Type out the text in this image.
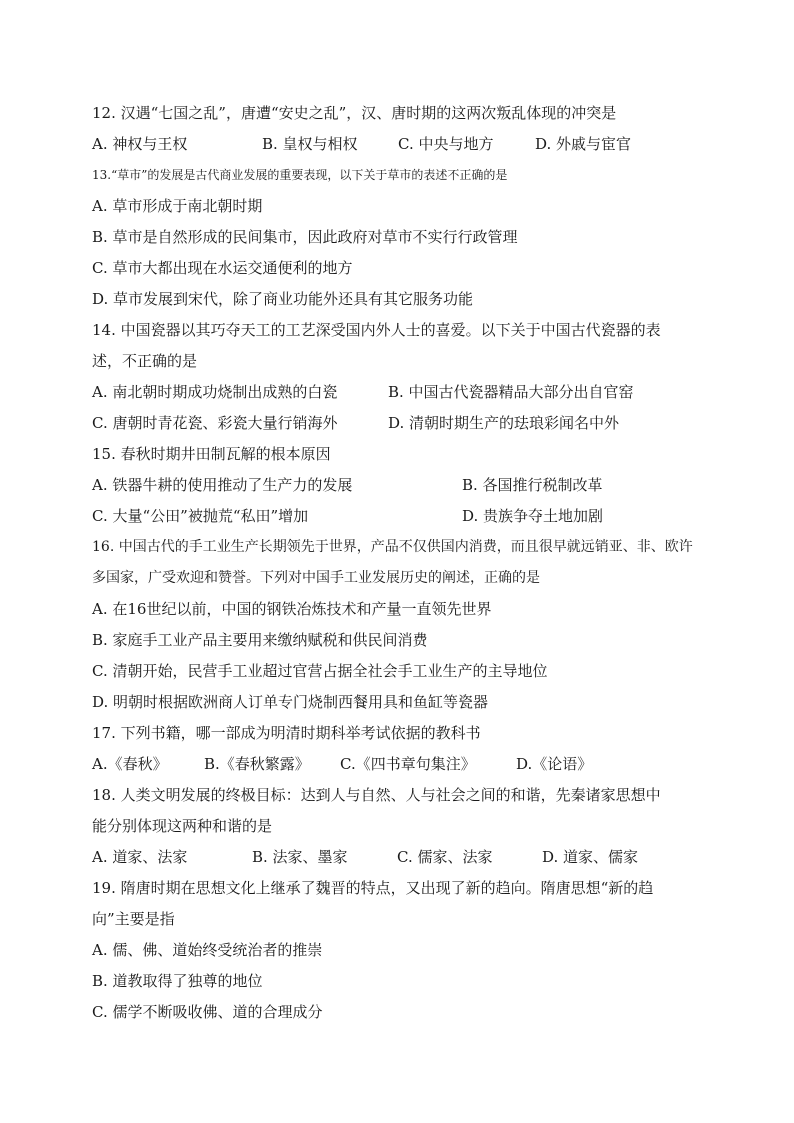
12. 汉遇“七国之乱”，唐遭“安史之乱”，汉、唐时期的这两次叛乱体现的冲突是
A. 神权与王权	B. 皇权与相权	C. 中央与地方	D. 外戚与宦官
13.“草市”的发展是古代商业发展的重要表现，以下关于草市的表述不正确的是
A. 草市形成于南北朝时期
B. 草市是自然形成的民间集市，因此政府对草市不实行行政管理
C. 草市大都出现在水运交通便利的地方
D. 草市发展到宋代，除了商业功能外还具有其它服务功能
14. 中国瓷器以其巧夺天工的工艺深受国内外人士的喜爱。以下关于中国古代瓷器的表
述，不正确的是
A. 南北朝时期成功烧制出成熟的白瓷	B. 中国古代瓷器精品大部分出自官窑
C. 唐朝时青花瓷、彩瓷大量行销海外	D. 清朝时期生产的珐琅彩闻名中外
15. 春秋时期井田制瓦解的根本原因
A. 铁器牛耕的使用推动了生产力的发展	B. 各国推行税制改革
C. 大量“公田”被抛荒“私田”增加	D. 贵族争夺土地加剧
16. 中国古代的手工业生产长期领先于世界，产品不仅供国内消费，而且很早就远销亚、非、欧许
多国家，广受欢迎和赞誉。下列对中国手工业发展历史的阐述，正确的是
A. 在16世纪以前，中国的钢铁冶炼技术和产量一直领先世界
B. 家庭手工业产品主要用来缴纳赋税和供民间消费
C. 清朝开始，民营手工业超过官营占据全社会手工业生产的主导地位
D. 明朝时根据欧洲商人订单专门烧制西餐用具和鱼缸等瓷器
17. 下列书籍，哪一部成为明清时期科举考试依据的教科书
A.《春秋》 B.《春秋繁露》 C.《四书章句集注》	D.《论语》
18. 人类文明发展的终极目标：达到人与自然、人与社会之间的和谐，先秦诸家思想中
能分别体现这两种和谐的是
A. 道家、法家	B. 法家、墨家	C. 儒家、法家	D. 道家、儒家
19. 隋唐时期在思想文化上继承了魏晋的特点，又出现了新的趋向。隋唐思想“新的趋
向”主要是指
A. 儒、佛、道始终受统治者的推崇
B. 道教取得了独尊的地位
C. 儒学不断吸收佛、道的合理成分
